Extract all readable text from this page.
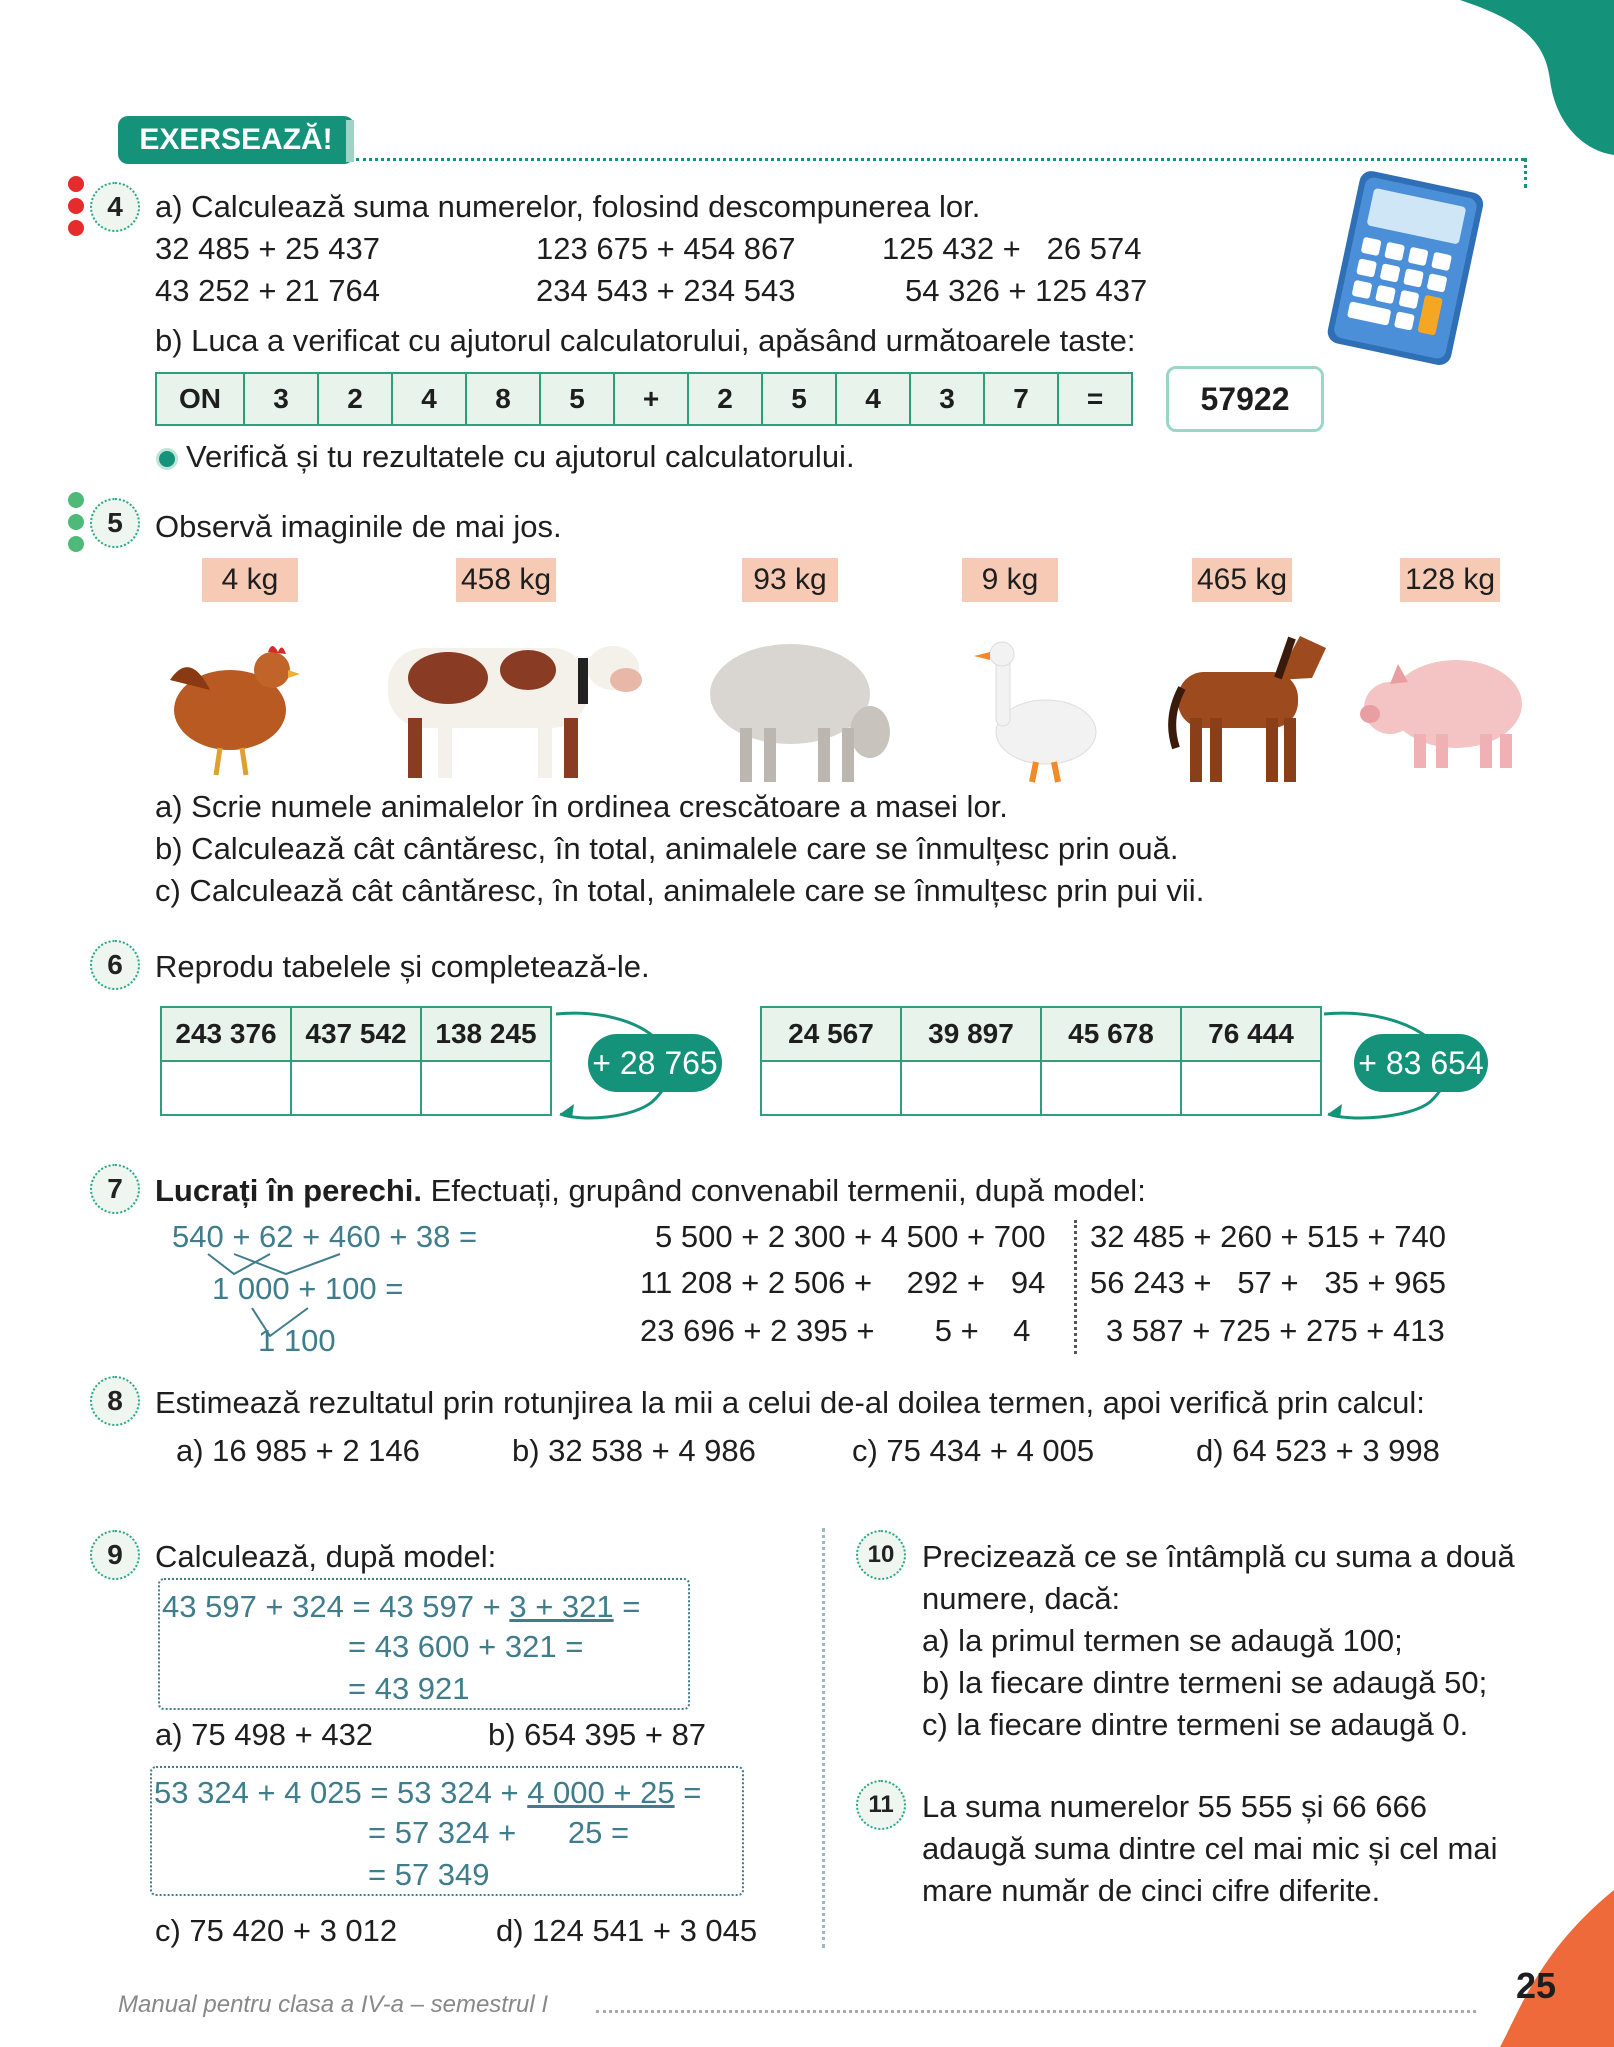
EXERSEAZĂ!
4	a) Calculează suma numerelor, folosind descompunerea lor.
32 485 + 25 437	123 675 + 454 867	125 432 +   26 574
43 252 + 21 764	234 543 + 234 543	54 326 + 125 437
b) Luca a verificat cu ajutorul calculatorului, apăsând următoarele taste:
ON	3	2	4	8	5	+	2	5	4	3	7	=	57922
Verifică și tu rezultatele cu ajutorul calculatorului.
5	Observă imaginile de mai jos.
4 kg	458 kg	93 kg	9 kg	465 kg	128 kg
a) Scrie numele animalelor în ordinea crescătoare a masei lor.
b) Calculează cât cântăresc, în total, animalele care se înmulțesc prin ouă.
c) Calculează cât cântăresc, în total, animalele care se înmulțesc prin pui vii.
6	Reprodu tabelele și completează-le.
243 376	437 542	138 245

+ 28 765
24 567	39 897	45 678	76 444

+ 83 654
7	Lucrați în perechi. Efectuați, grupând convenabil termenii, după model:
540 + 62 + 460 + 38 =
1 000 + 100 =
1 100
5 500 + 2 300 + 4 500 + 700
11 208 + 2 506 +    292 +   94
23 696 + 2 395 +       5 +    4
32 485 + 260 + 515 + 740
56 243 +   57 +   35 + 965
3 587 + 725 + 275 + 413
8	Estimează rezultatul prin rotunjirea la mii a celui de-al doilea termen, apoi verifică prin calcul:
a) 16 985 + 2 146	b) 32 538 + 4 986	c) 75 434 + 4 005	d) 64 523 + 3 998
9	Calculează, după model:
43 597 + 324 = 43 597 + 3 + 321 =
= 43 600 + 321 =
= 43 921
a) 75 498 + 432	b) 654 395 + 87
53 324 + 4 025 = 53 324 + 4 000 + 25 =
= 57 324 +      25 =
= 57 349
c) 75 420 + 3 012	d) 124 541 + 3 045
10 Precizează ce se întâmplă cu suma a două
numere, dacă:
a) la primul termen se adaugă 100;
b) la fiecare dintre termeni se adaugă 50;
c) la fiecare dintre termeni se adaugă 0.
11 La suma numerelor 55 555 și 66 666
adaugă suma dintre cel mai mic și cel mai
mare număr de cinci cifre diferite.
Manual pentru clasa a IV-a – semestrul I	25
